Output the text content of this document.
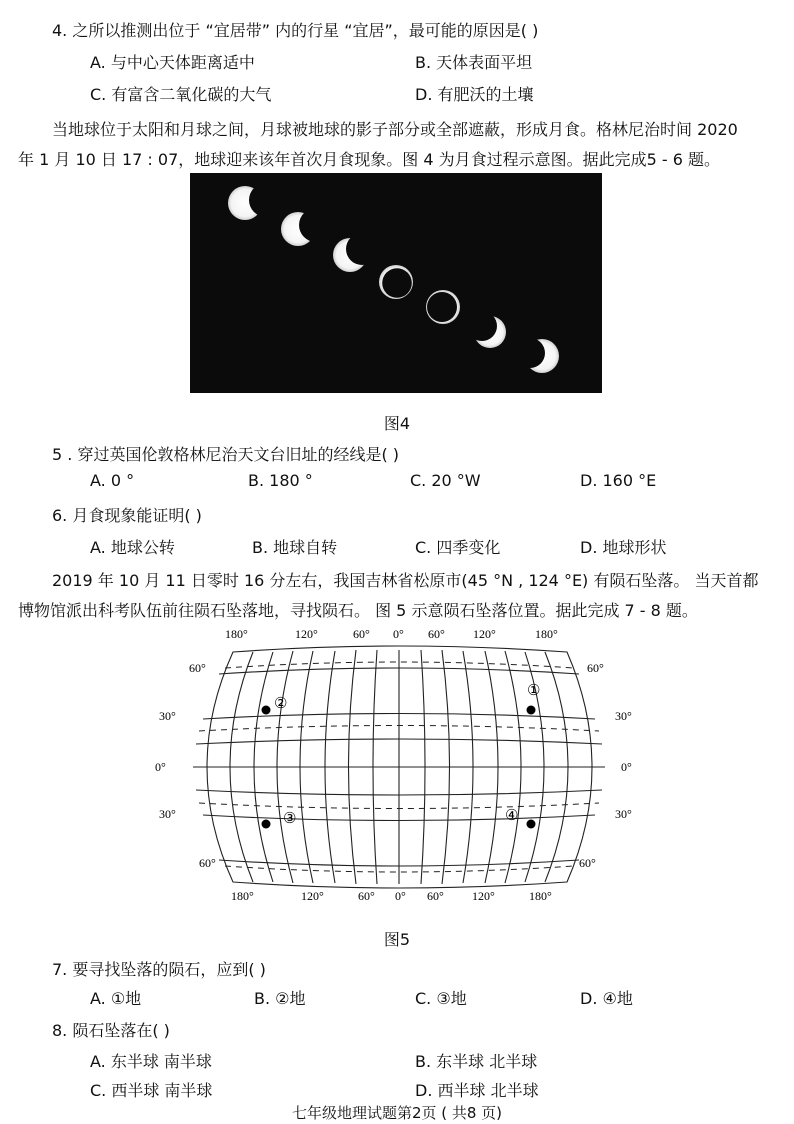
4. 之所以推测出位于 “宜居带” 内的行星 “宜居”，最可能的原因是( )
A. 与中心天体距离适中	B. 天体表面平坦
C. 有富含二氧化碳的大气	D. 有肥沃的土壤
当地球位于太阳和月球之间，月球被地球的影子部分或全部遮蔽，形成月食。格林尼治时间 2020
年 1 月 10 日 17 : 07，地球迎来该年首次月食现象。图 4 为月食过程示意图。据此完成5 - 6 题。
图4
5 . 穿过英国伦敦格林尼治天文台旧址的经线是( )
A. 0 °	B. 180 °	C. 20 °W	D. 160 °E
6. 月食现象能证明( )
A. 地球公转	B. 地球自转	C. 四季变化	D. 地球形状
2019 年 10 月 11 日零时 16 分左右，我国吉林省松原市(45 °N , 124 °E) 有陨石坠落。 当天首都
博物馆派出科考队伍前往陨石坠落地，寻找陨石。 图 5 示意陨石坠落位置。据此完成 7 - 8 题。
180°	120°	60° 0° 60° 120°	180°
180°	120°	60° 0° 60° 120°	180°
60°
30°
0°
30°
60°
60°
30°
0°
30°
60°
①
②
③	④
图5
7. 要寻找坠落的陨石，应到( )
A. ①地	B. ②地	C. ③地	D. ④地
8. 陨石坠落在( )
A. 东半球 南半球	B. 东半球 北半球
C. 西半球 南半球	D. 西半球 北半球
七年级地理试题第2页 ( 共8 页)
